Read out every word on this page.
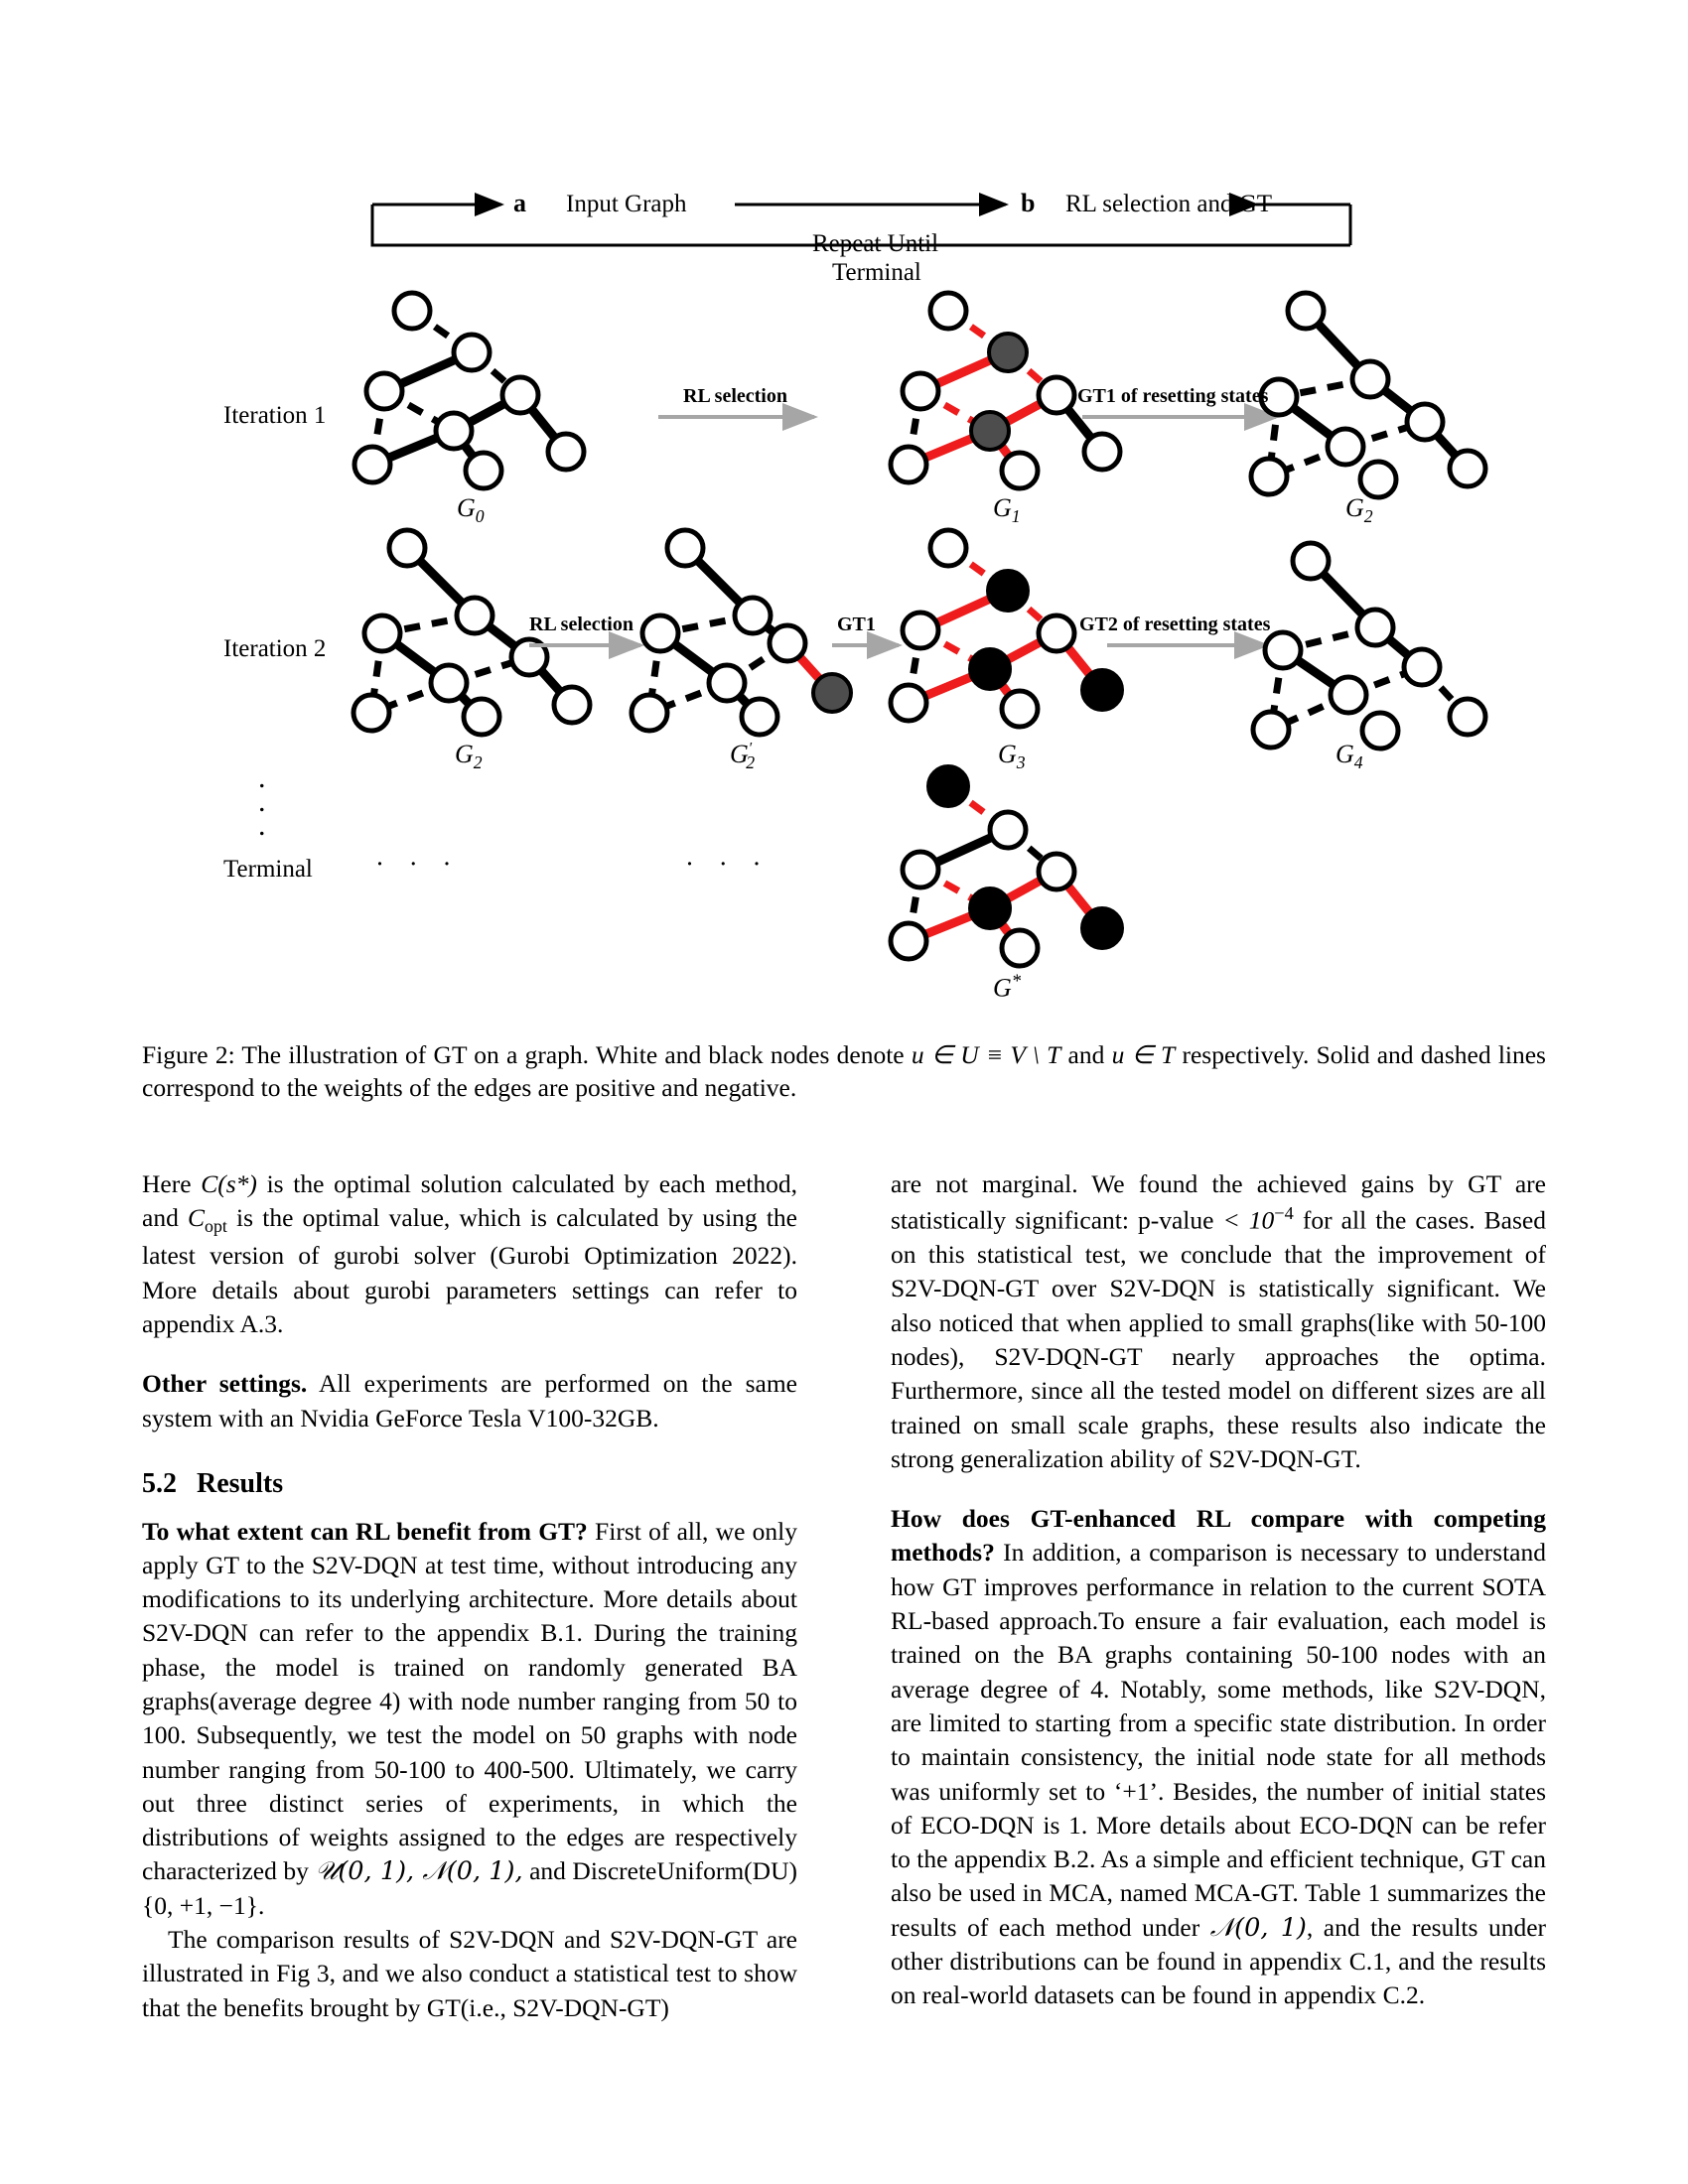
a Input Graph	b RL selection and GT
Repeat Until
Terminal
Iteration 1
Iteration 2
Terminal
.
.
.
· · ·	· · ·
RL selection	GT1 of resetting states
RL selection	GT1	GT2 of resetting states
$G_0$	$G_1$	$G_2$
$G_2$	$G'_2$	$G_3$	$G_4$
G*
Figure 2: The illustration of GT on a graph. White and black nodes denote u ∈ U ≡ V \ T and u ∈ T respectively. Solid and dashed lines correspond to the weights of the edges are positive and negative.

Here C(s*) is the optimal solution calculated by each method, and $C_{opt}$ is the optimal value, which is calculated by using the latest version of gurobi solver (Gurobi Optimization 2022). More details about gurobi parameters settings can refer to appendix A.3.

Other settings. All experiments are performed on the same system with an Nvidia GeForce Tesla V100-32GB.

5.2 Results

To what extent can RL benefit from GT? First of all, we only apply GT to the S2V-DQN at test time, without introducing any modifications to its underlying architecture. More details about S2V-DQN can refer to the appendix B.1. During the training phase, the model is trained on randomly generated BA graphs(average degree 4) with node number ranging from 50 to 100. Subsequently, we test the model on 50 graphs with node number ranging from 50-100 to 400-500. Ultimately, we carry out three distinct series of experiments, in which the distributions of weights assigned to the edges are respectively characterized by 𝒰(0, 1), 𝒩(0, 1), and DiscreteUniform(DU){0, +1, −1}.

The comparison results of S2V-DQN and S2V-DQN-GT are illustrated in Fig 3, and we also conduct a statistical test to show that the benefits brought by GT(i.e., S2V-DQN-GT)

are not marginal. We found the achieved gains by GT are statistically significant: p-value < $10^{-4}$ for all the cases. Based on this statistical test, we conclude that the improvement of S2V-DQN-GT over S2V-DQN is statistically significant. We also noticed that when applied to small graphs(like with 50-100 nodes), S2V-DQN-GT nearly approaches the optima. Furthermore, since all the tested model on different sizes are all trained on small scale graphs, these results also indicate the strong generalization ability of S2V-DQN-GT.

How does GT-enhanced RL compare with competing methods? In addition, a comparison is necessary to understand how GT improves performance in relation to the current SOTA RL-based approach.To ensure a fair evaluation, each model is trained on the BA graphs containing 50-100 nodes with an average degree of 4. Notably, some methods, like S2V-DQN, are limited to starting from a specific state distribution. In order to maintain consistency, the initial node state for all methods was uniformly set to ‘+1’. Besides, the number of initial states of ECO-DQN is 1. More details about ECO-DQN can be refer to the appendix B.2. As a simple and efficient technique, GT can also be used in MCA, named MCA-GT. Table 1 summarizes the results of each method under 𝒩(0, 1), and the results under other distributions can be found in appendix C.1, and the results on real-world datasets can be found in appendix C.2.
